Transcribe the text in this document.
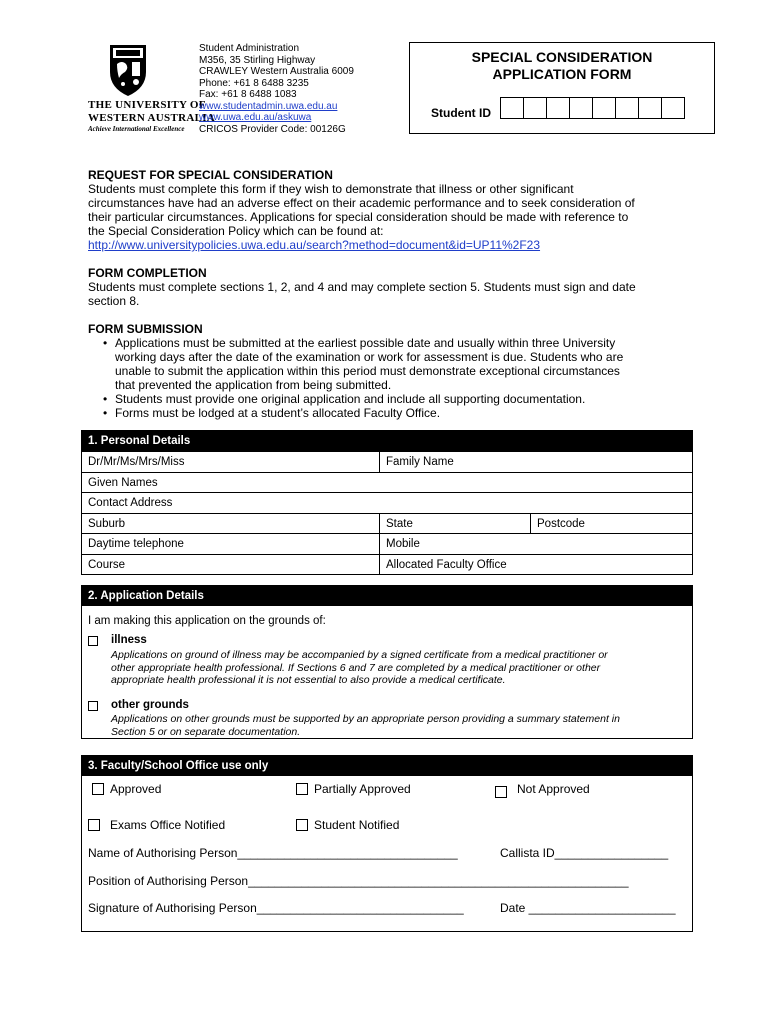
THE UNIVERSITY OF
WESTERN AUSTRALIA
Achieve International Excellence
Student Administration
M356, 35 Stirling Highway
CRAWLEY Western Australia 6009
Phone: +61 8 6488 3235
Fax: +61 8 6488 1083
www.studentadmin.uwa.edu.au
www.uwa.edu.au/askuwa
CRICOS Provider Code: 00126G
SPECIAL CONSIDERATION
APPLICATION FORM
Student ID
REQUEST FOR SPECIAL CONSIDERATION

Students must complete this form if they wish to demonstrate that illness or other significant

circumstances have had an adverse effect on their academic performance and to seek consideration of

their particular circumstances. Applications for special consideration should be made with reference to

the Special Consideration Policy which can be found at:

http://www.universitypolicies.uwa.edu.au/search?method=document&id=UP11%2F23

FORM COMPLETION

Students must complete sections 1, 2, and 4 and may complete section 5. Students must sign and date

section 8.

FORM SUBMISSION
• Applications must be submitted at the earliest possible date and usually within three University
working days after the date of the examination or work for assessment is due. Students who are
unable to submit the application within this period must demonstrate exceptional circumstances
that prevented the application from being submitted.
• Students must provide one original application and include all supporting documentation.
• Forms must be lodged at a student’s allocated Faculty Office.
1. Personal Details
Dr/Mr/Ms/Mrs/Miss	Family Name
Given Names
Contact Address
Suburb	State	Postcode
Daytime telephone	Mobile
Course	Allocated Faculty Office
2. Application Details
I am making this application on the grounds of:
illness
Applications on ground of illness may be accompanied by a signed certificate from a medical practitioner or
other appropriate health professional. If Sections 6 and 7 are completed by a medical practitioner or other
appropriate health professional it is not essential to also provide a medical certificate.
other grounds
Applications on other grounds must be supported by an appropriate person providing a summary statement in
Section 5 or on separate documentation.
3. Faculty/School Office use only
Approved	Partially Approved	Not Approved
Exams Office Notified	Student Notified
Name of Authorising Person_________________________________	Callista ID_________________
Position of Authorising Person_________________________________________________________
Signature of Authorising Person_______________________________	Date ______________________
